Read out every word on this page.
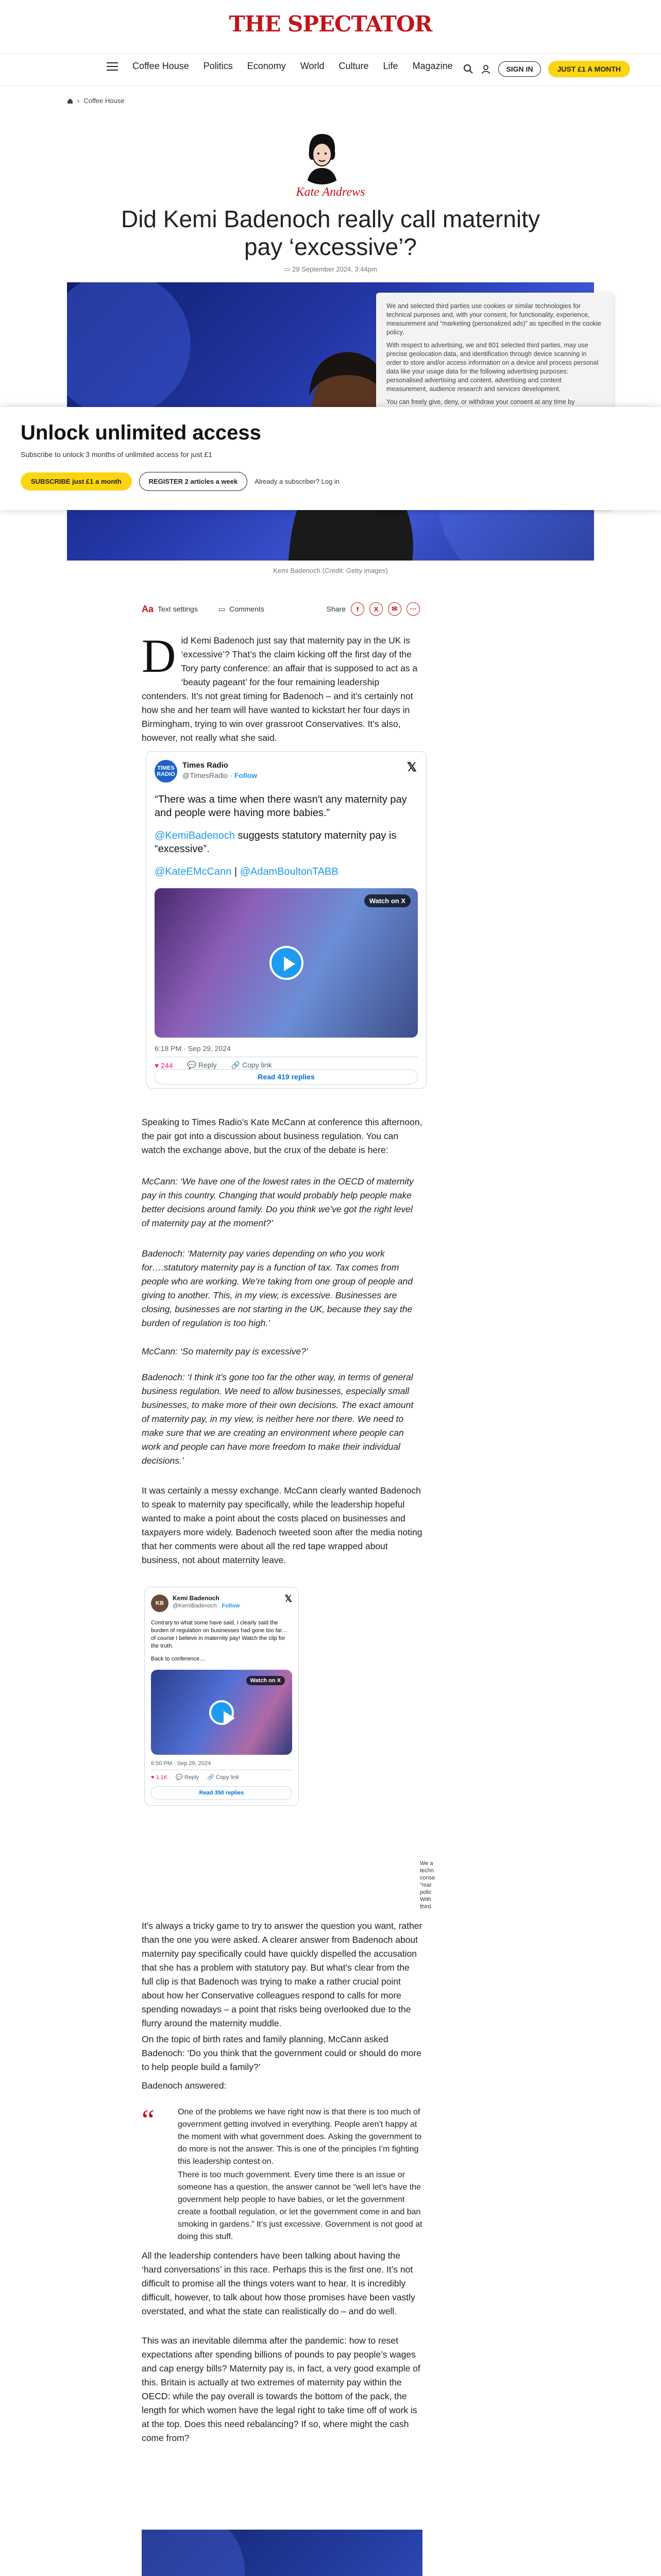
THE SPECTATOR
Coffee House Politics Economy World Culture Life Magazine	SIGN IN	JUST £1 A MONTH
› Coffee House
Kate Andrews
Did Kemi Badenoch really call maternity pay ‘excessive’?
▭ 29 September 2024, 3:44pm
Kemi Badenoch (Credit: Getty images)

We and selected third parties use cookies or similar technologies for technical purposes and, with your consent, for functionality, experience, measurement and “marketing (personalized ads)” as specified in the cookie policy.

With respect to advertising, we and 801 selected third parties, may use precise geolocation data, and identification through device scanning in order to store and/or access information on a device and process personal data like your usage data for the following advertising purposes: personalised advertising and content, advertising and content measurement, audience research and services development.

You can freely give, deny, or withdraw your consent at any time by

Unlock unlimited access
Subscribe to unlock 3 months of unlimited access for just £1
SUBSCRIBE just £1 a month	REGISTER 2 articles a week	Already a subscriber? Log in
Aa Text settings	▭ Comments	Share	f	X	✉	⋯
Did Kemi Badenoch just say that maternity pay in the UK is ‘excessive’? That’s the claim kicking off the first day of the Tory party conference: an affair that is supposed to act as a ‘beauty pageant’ for the four remaining leadership contenders. It’s not great timing for Badenoch – and it’s certainly not how she and her team will have wanted to kickstart her four days in Birmingham, trying to win over grassroot Conservatives. It’s also, however, not really what she said.
TIMES RADIO
Times Radio
@TimesRadio · Follow
𝕏
“There was a time when there wasn't any maternity pay and people were having more babies.”
@KemiBadenoch suggests statutory maternity pay is “excessive”.
@KateEMcCann | @AdamBoultonTABB
Watch on X
6:18 PM · Sep 29, 2024
♥ 244 💬 Reply 🔗 Copy link
Read 419 replies
Speaking to Times Radio’s Kate McCann at conference this afternoon, the pair got into a discussion about business regulation. You can watch the exchange above, but the crux of the debate is here:
McCann: ‘We have one of the lowest rates in the OECD of maternity pay in this country. Changing that would probably help people make better decisions around family. Do you think we’ve got the right level of maternity pay at the moment?’
Badenoch: ‘Maternity pay varies depending on who you work for….statutory maternity pay is a function of tax. Tax comes from people who are working. We’re taking from one group of people and giving to another. This, in my view, is excessive. Businesses are closing, businesses are not starting in the UK, because they say the burden of regulation is too high.’
McCann: ‘So maternity pay is excessive?’
Badenoch: ‘I think it’s gone too far the other way, in terms of general business regulation. We need to allow businesses, especially small businesses, to make more of their own decisions. The exact amount of maternity pay, in my view, is neither here nor there. We need to make sure that we are creating an environment where people can work and people can have more freedom to make their individual decisions.’
It was certainly a messy exchange. McCann clearly wanted Badenoch to speak to maternity pay specifically, while the leadership hopeful wanted to make a point about the costs placed on businesses and taxpayers more widely. Badenoch tweeted soon after the media noting that her comments were about all the red tape wrapped about business, not about maternity leave.
KB
Kemi Badenoch
@KemiBadenoch · Follow
𝕏
Contrary to what some have said, I clearly said the burden of regulation on businesses had gone too far… of course I believe in maternity pay! Watch the clip for the truth.
Back to conference…
Watch on X
6:50 PM · Sep 29, 2024
♥ 1.1K 💬 Reply 🔗 Copy link
Read 350 replies
We a
techn
conse
"mar
polic
With
third
It’s always a tricky game to try to answer the question you want, rather than the one you were asked. A clearer answer from Badenoch about maternity pay specifically could have quickly dispelled the accusation that she has a problem with statutory pay. But what’s clear from the full clip is that Badenoch was trying to make a rather crucial point about how her Conservative colleagues respond to calls for more spending nowadays – a point that risks being overlooked due to the flurry around the maternity muddle.
On the topic of birth rates and family planning, McCann asked Badenoch: ‘Do you think that the government could or should do more to help people build a family?’
Badenoch answered:
“	One of the problems we have right now is that there is too much of government getting involved in everything. People aren’t happy at the moment with what government does. Asking the government to do more is not the answer. This is one of the principles I’m fighting this leadership contest on.
There is too much government. Every time there is an issue or someone has a question, the answer cannot be “well let’s have the government help people to have babies, or let the government create a football regulation, or let the government come in and ban smoking in gardens.” It’s just excessive. Government is not good at doing this stuff.
All the leadership contenders have been talking about having the ‘hard conversations’ in this race. Perhaps this is the first one. It’s not difficult to promise all the things voters want to hear. It is incredibly difficult, however, to talk about how those promises have been vastly overstated, and what the state can realistically do – and do well.
This was an inevitable dilemma after the pandemic: how to reset expectations after spending billions of pounds to pay people’s wages and cap energy bills? Maternity pay is, in fact, a very good example of this. Britain is actually at two extremes of maternity pay within the OECD: while the pay overall is towards the bottom of the pack, the length for which women have the legal right to take time off of work is at the top. Does this need rebalancing? If so, where might the cash come from?
